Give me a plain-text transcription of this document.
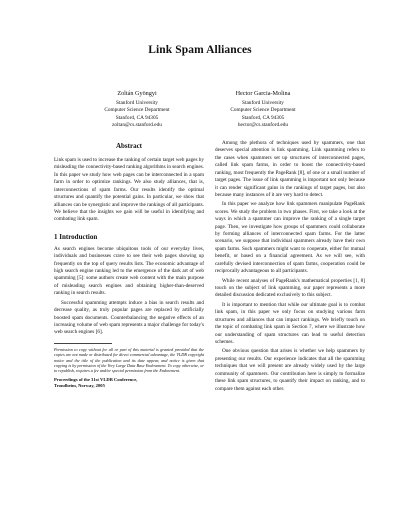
Link Spam Alliances
Zoltán Gyöngyi
Stanford University
Computer Science Department
Stanford, CA 94305
zoltan@cs.stanford.edu
Hector Garcia-Molina
Stanford University
Computer Science Department
Stanford, CA 94305
hector@cs.stanford.edu
Abstract

Link spam is used to increase the ranking of certain target web pages by misleading the connectivity-based ranking algorithms in search engines. In this paper we study how web pages can be interconnected in a spam farm in order to optimize rankings. We also study alliances, that is, interconnections of spam farms. Our results identify the optimal structures and quantify the potential gains. In particular, we show that alliances can be synergistic and improve the rankings of all participants. We believe that the insights we gain will be useful in identifying and combating link spam.

1 Introduction

As search engines become ubiquitous tools of our everyday lives, individuals and businesses crave to see their web pages showing up frequently on the top of query results lists. The economic advantage of high search engine ranking led to the emergence of the dark art of web spamming [5]: some authors create web content with the main purpose of misleading search engines and obtaining higher-than-deserved ranking in search results.

Successful spamming attempts induce a bias in search results and decrease quality, as truly popular pages are replaced by artificially boosted spam documents. Counterbalancing the negative effects of an increasing volume of web spam represents a major challenge for today's web search engines [6].

Permission to copy without fee all or part of this material is granted provided that the copies are not made or distributed for direct commercial advantage, the VLDB copyright notice and the title of the publication and its date appear, and notice is given that copying is by permission of the Very Large Data Base Endowment. To copy otherwise, or to republish, requires a fee and/or special permission from the Endowment.
Proceedings of the 31st VLDB Conference,
Trondheim, Norway, 2005

Among the plethora of techniques used by spammers, one that deserves special attention is link spamming. Link spamming refers to the cases when spammers set up structures of interconnected pages, called link spam farms, in order to boost the connectivity-based ranking, most frequently the PageRank [8], of one or a small number of target pages. The issue of link spamming is important not only because it can render significant gains in the rankings of target pages, but also because many instances of it are very hard to detect.

In this paper we analyze how link spammers manipulate PageRank scores. We study the problem in two phases. First, we take a look at the ways in which a spammer can improve the ranking of a single target page. Then, we investigate how groups of spammers could collaborate by forming alliances of interconnected spam farms. For the latter scenario, we suppose that individual spammers already have their own spam farms. Such spammers might want to cooperate, either for mutual benefit, or based on a financial agreement. As we will see, with carefully devised interconnection of spam farms, cooperation could be reciprocally advantageous to all participants.

While recent analyses of PageRank's mathematical properties [1, 8] touch on the subject of link spamming, our paper represents a more detailed discussion dedicated exclusively to this subject.

It is important to mention that while our ultimate goal is to combat link spam, in this paper we only focus on studying various farm structures and alliances that can impact rankings. We briefly touch on the topic of combating link spam in Section 7, where we illustrate how our understanding of spam structures can lead to useful detection schemes.

One obvious question that arises is whether we help spammers by presenting our results. Our experience indicates that all the spamming techniques that we will present are already widely used by the large community of spammers. Our contribution here is simply to formalize these link spam structures, to quantify their impact on ranking, and to compare them against each other.
